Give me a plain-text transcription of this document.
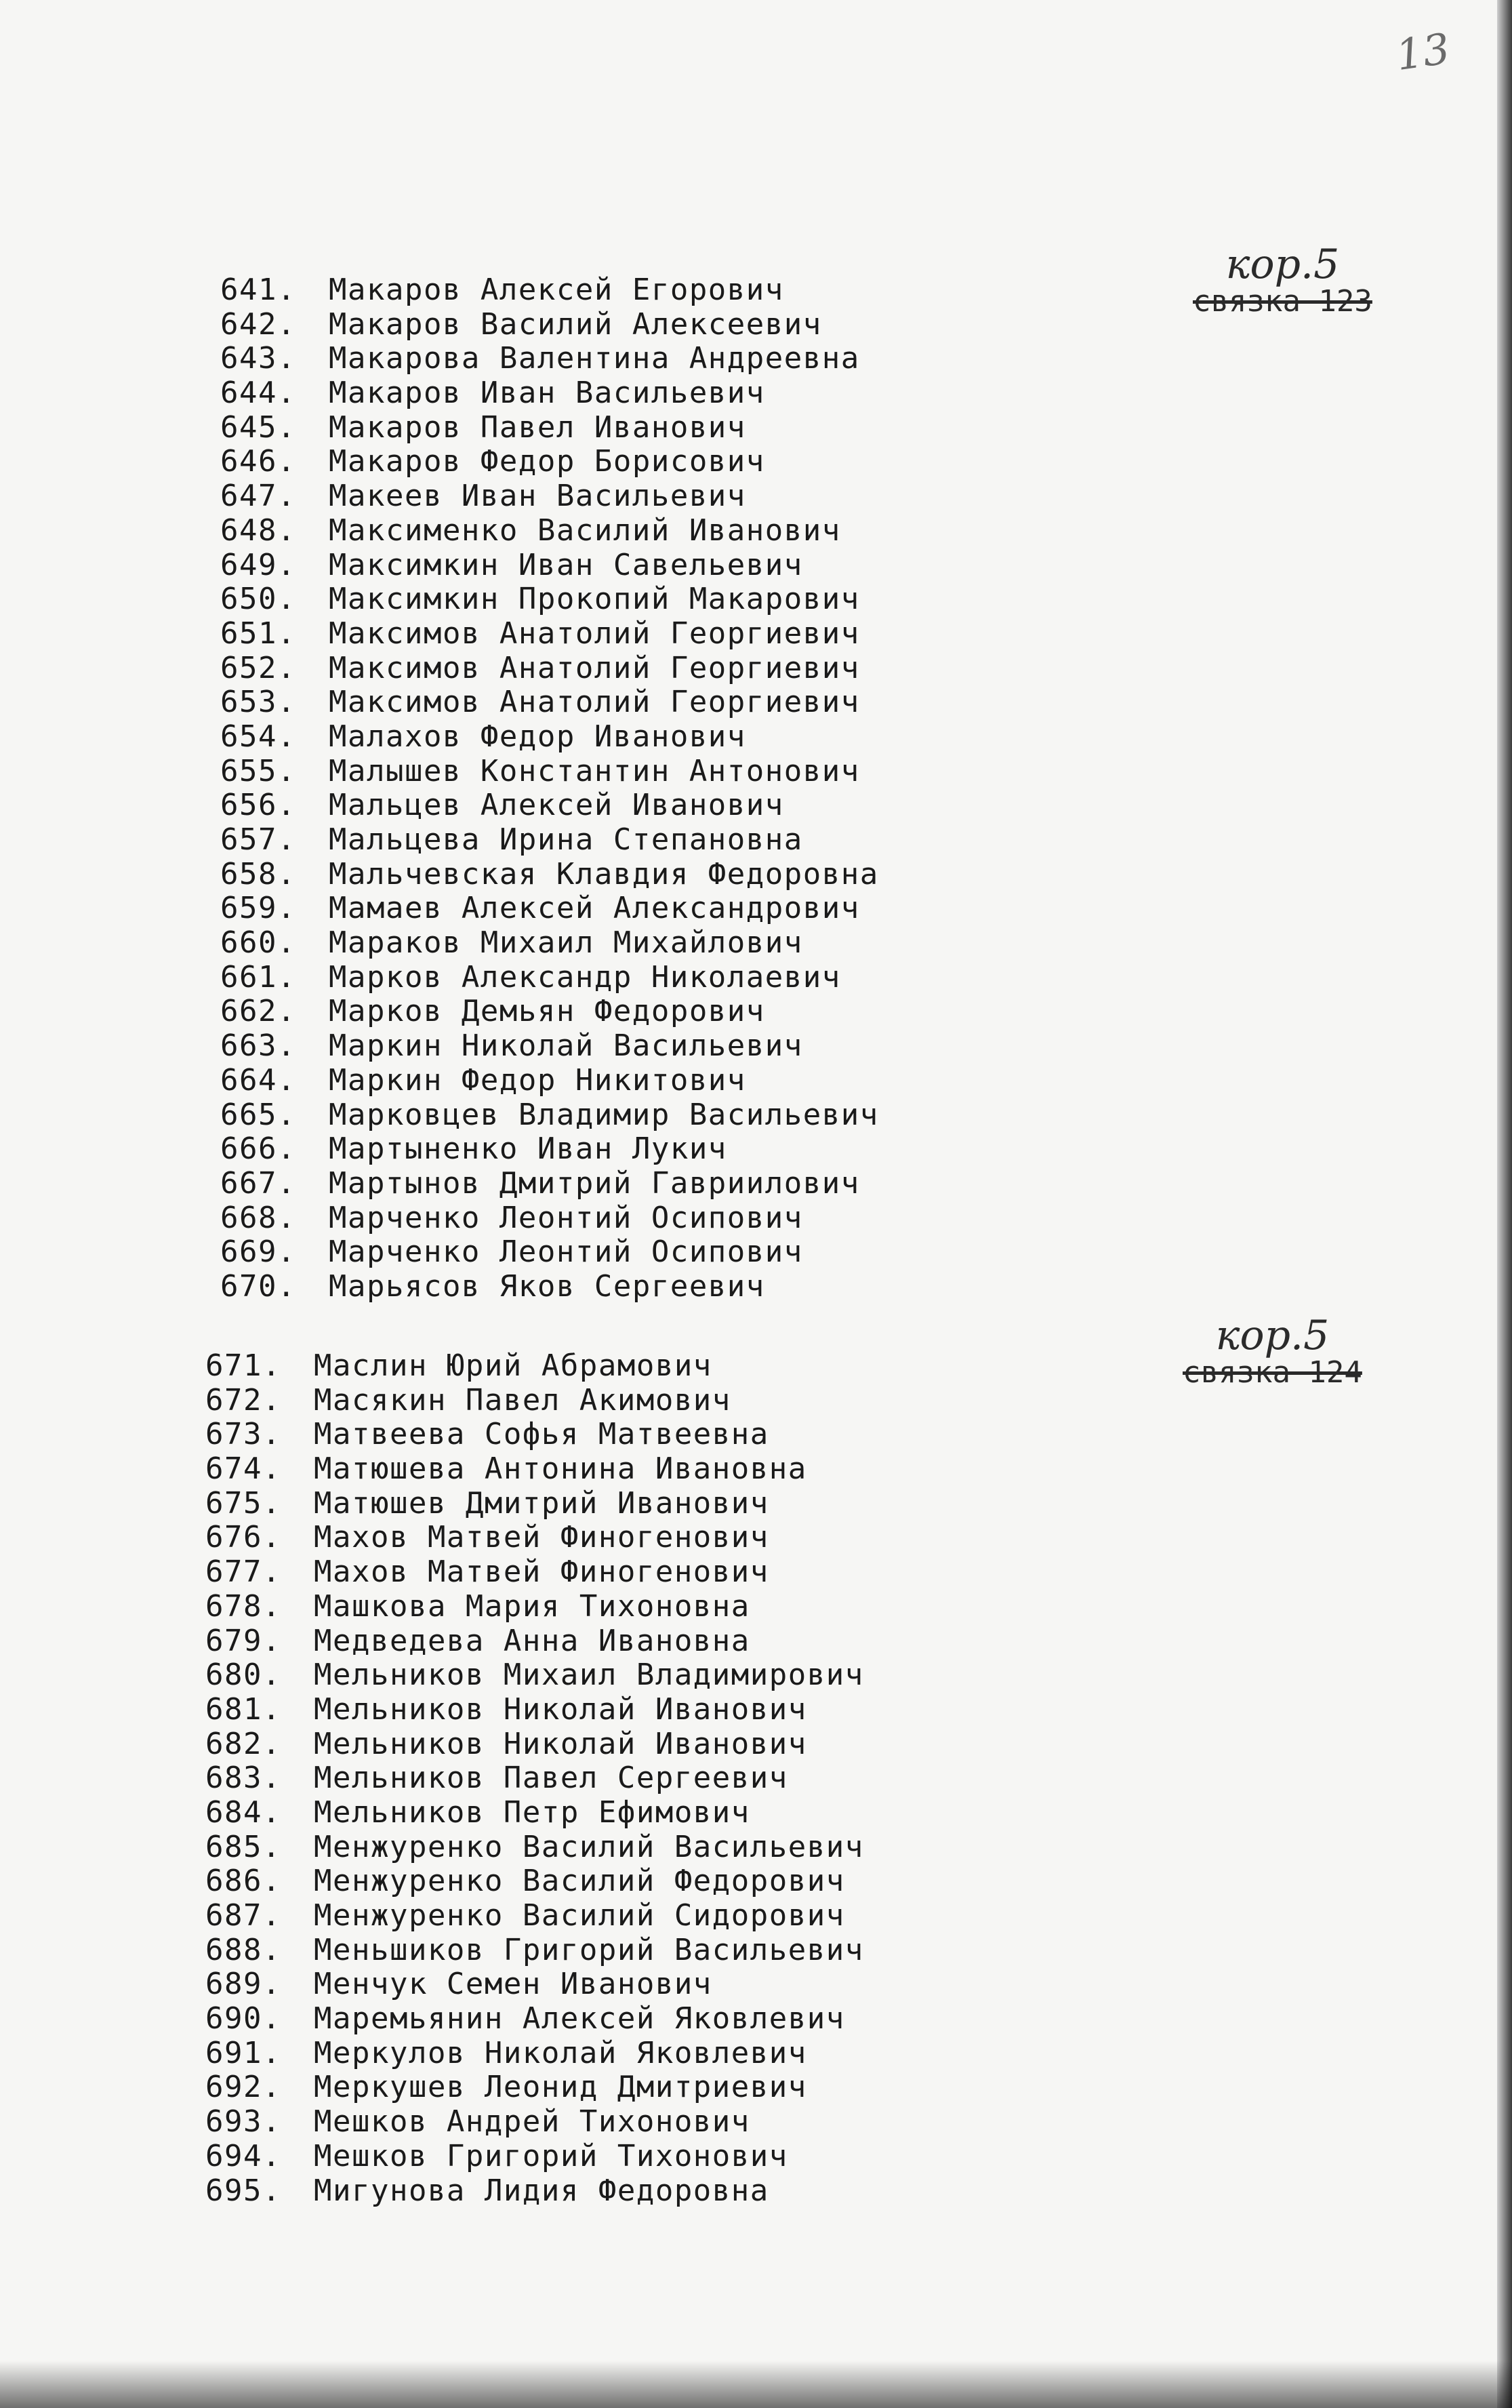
13
кор.5
связка 123
кор.5
связка 124
641. Макаров Алексей Егорович
642. Макаров Василий Алексеевич
643. Макарова Валентина Андреевна
644. Макаров Иван Васильевич
645. Макаров Павел Иванович
646. Макаров Федор Борисович
647. Макеев Иван Васильевич
648. Максименко Василий Иванович
649. Максимкин Иван Савельевич
650. Максимкин Прокопий Макарович
651. Максимов Анатолий Георгиевич
652. Максимов Анатолий Георгиевич
653. Максимов Анатолий Георгиевич
654. Малахов Федор Иванович
655. Малышев Константин Антонович
656. Мальцев Алексей Иванович
657. Мальцева Ирина Степановна
658. Мальчевская Клавдия Федоровна
659. Мамаев Алексей Александрович
660. Мараков Михаил Михайлович
661. Марков Александр Николаевич
662. Марков Демьян Федорович
663. Маркин Николай Васильевич
664. Маркин Федор Никитович
665. Марковцев Владимир Васильевич
666. Мартыненко Иван Лукич
667. Мартынов Дмитрий Гавриилович
668. Марченко Леонтий Осипович
669. Марченко Леонтий Осипович
670. Марьясов Яков Сергеевич
671. Маслин Юрий Абрамович
672. Масякин Павел Акимович
673. Матвеева Софья Матвеевна
674. Матюшева Антонина Ивановна
675. Матюшев Дмитрий Иванович
676. Махов Матвей Финогенович
677. Махов Матвей Финогенович
678. Машкова Мария Тихоновна
679. Медведева Анна Ивановна
680. Мельников Михаил Владимирович
681. Мельников Николай Иванович
682. Мельников Николай Иванович
683. Мельников Павел Сергеевич
684. Мельников Петр Ефимович
685. Менжуренко Василий Васильевич
686. Менжуренко Василий Федорович
687. Менжуренко Василий Сидорович
688. Меньшиков Григорий Васильевич
689. Менчук Семен Иванович
690. Маремьянин Алексей Яковлевич
691. Меркулов Николай Яковлевич
692. Меркушев Леонид Дмитриевич
693. Мешков Андрей Тихонович
694. Мешков Григорий Тихонович
695. Мигунова Лидия Федоровна
